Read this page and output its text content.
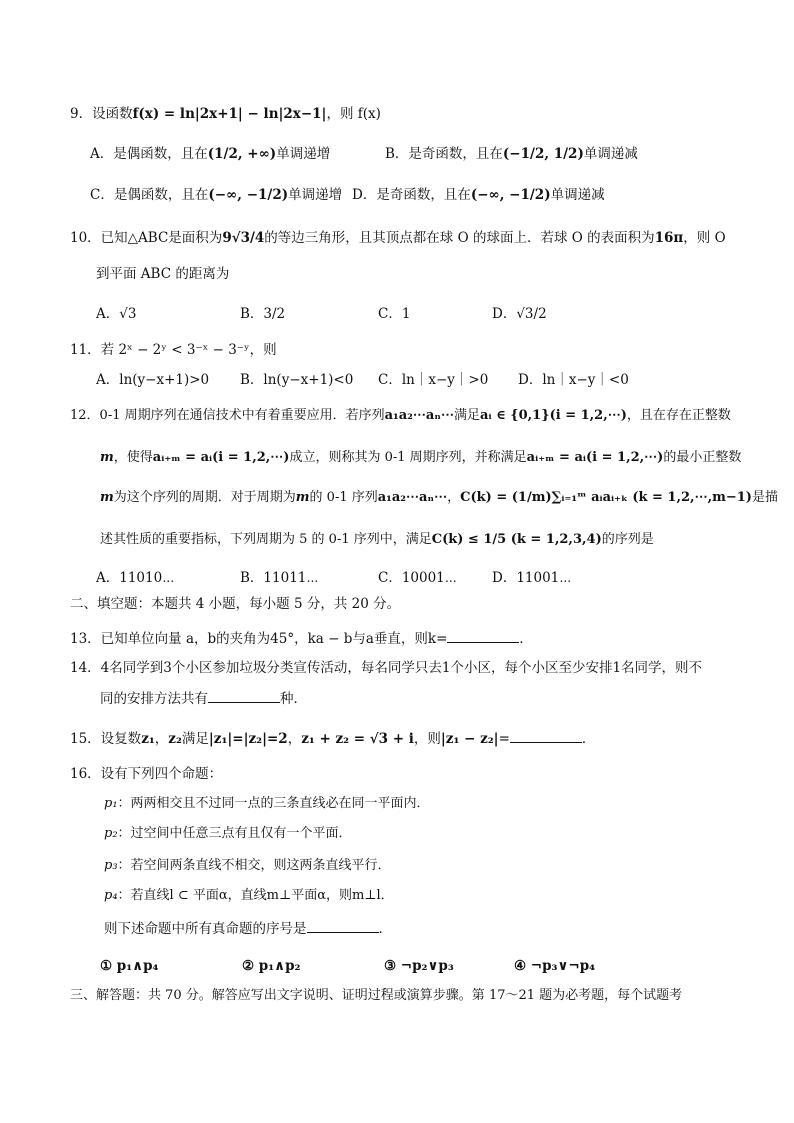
9．设函数f(x) = ln|2x+1| − ln|2x−1|，则 f(x)
A．是偶函数，且在(1/2, +∞)单调递增	B．是奇函数，且在(−1/2, 1/2)单调递减
C．是偶函数，且在(−∞, −1/2)单调递增 D．是奇函数，且在(−∞, −1/2)单调递减
10．已知△ABC是面积为9√3/4的等边三角形，且其顶点都在球 O 的球面上．若球 O 的表面积为16π，则 O
到平面 ABC 的距离为
A．√3	B．3/2	C．1	D．√3/2
11．若 2ˣ − 2ʸ < 3⁻ˣ − 3⁻ʸ，则
A．ln(y−x+1)>0 B．ln(y−x+1)<0 C．ln｜x−y｜>0 D．ln｜x−y｜<0
12．0-1 周期序列在通信技术中有着重要应用．若序列a₁a₂⋯aₙ⋯满足aᵢ ∈ {0,1}(i = 1,2,⋯)，且在存在正整数
m，使得aᵢ₊ₘ = aᵢ(i = 1,2,⋯)成立，则称其为 0-1 周期序列，并称满足aᵢ₊ₘ = aᵢ(i = 1,2,⋯)的最小正整数
m为这个序列的周期．对于周期为m的 0-1 序列a₁a₂⋯aₙ⋯，C(k) = (1/m)∑ᵢ₌₁ᵐ aᵢaᵢ₊ₖ (k = 1,2,⋯,m−1)是描
述其性质的重要指标，下列周期为 5 的 0-1 序列中，满足C(k) ≤ 1/5 (k = 1,2,3,4)的序列是
A．11010⋯	B．11011⋯	C．10001⋯	D．11001⋯
二、填空题：本题共 4 小题，每小题 5 分，共 20 分。
13．已知单位向量 a，b的夹角为45°，ka − b与a垂直，则k=	．
14．4名同学到3个小区参加垃圾分类宣传活动，每名同学只去1个小区，每个小区至少安排1名同学，则不
同的安排方法共有	种．
15．设复数z₁，z₂满足|z₁|=|z₂|=2，z₁ + z₂ = √3 + i，则|z₁ − z₂|=	．
16．设有下列四个命题：
p₁：两两相交且不过同一点的三条直线必在同一平面内．
p₂：过空间中任意三点有且仅有一个平面．
p₃：若空间两条直线不相交，则这两条直线平行．
p₄：若直线l ⊂ 平面α，直线m⊥平面α，则m⊥l．
则下述命题中所有真命题的序号是	．
① p₁∧p₄	② p₁∧p₂	③ ¬p₂∨p₃	④ ¬p₃∨¬p₄
三、解答题：共 70 分。解答应写出文字说明、证明过程或演算步骤。第 17～21 题为必考题，每个试题考
